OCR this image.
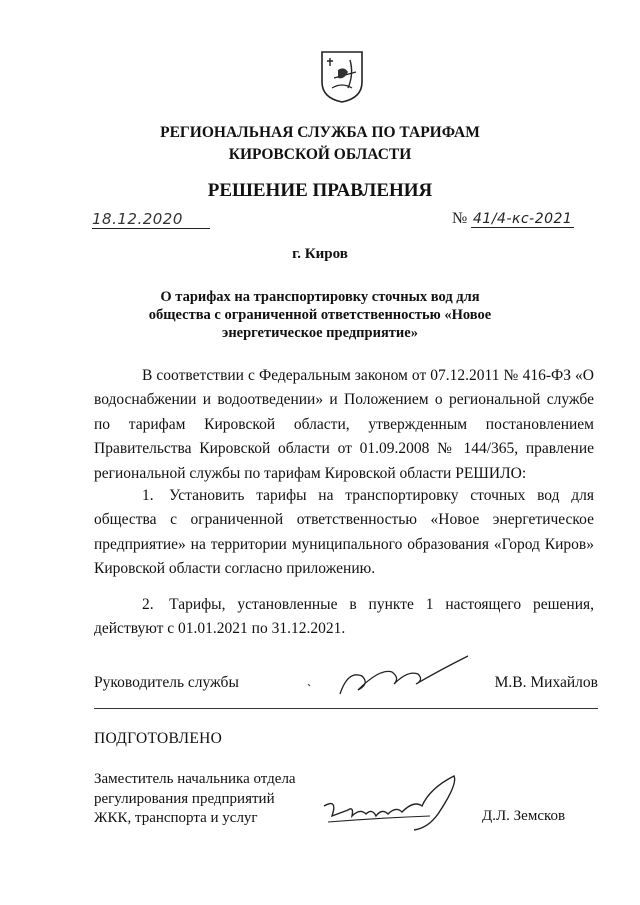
РЕГИОНАЛЬНАЯ СЛУЖБА ПО ТАРИФАМ
КИРОВСКОЙ ОБЛАСТИ
РЕШЕНИЕ ПРАВЛЕНИЯ
18.12.2020	№ 41/4-кс-2021
г. Киров
О тарифах на транспортировку сточных вод для общества с ограниченной ответственностью «Новое энергетическое предприятие»
В соответствии с Федеральным законом от 07.12.2011 № 416-ФЗ «О водоснабжении и водоотведении» и Положением о региональной службе по тарифам Кировской области, утвержденным постановлением Правительства Кировской области от 01.09.2008 № 144/365, правление региональной службы по тарифам Кировской области РЕШИЛО:
1. Установить тарифы на транспортировку сточных вод для общества с ограниченной ответственностью «Новое энергетическое предприятие» на территории муниципального образования «Город Киров» Кировской области согласно приложению.
2. Тарифы, установленные в пункте 1 настоящего решения, действуют с 01.01.2021 по 31.12.2021.
Руководитель службы	М.В. Михайлов
ПОДГОТОВЛЕНО
Заместитель начальника отдела
регулирования предприятий
ЖКК, транспорта и услуг	Д.Л. Земсков
